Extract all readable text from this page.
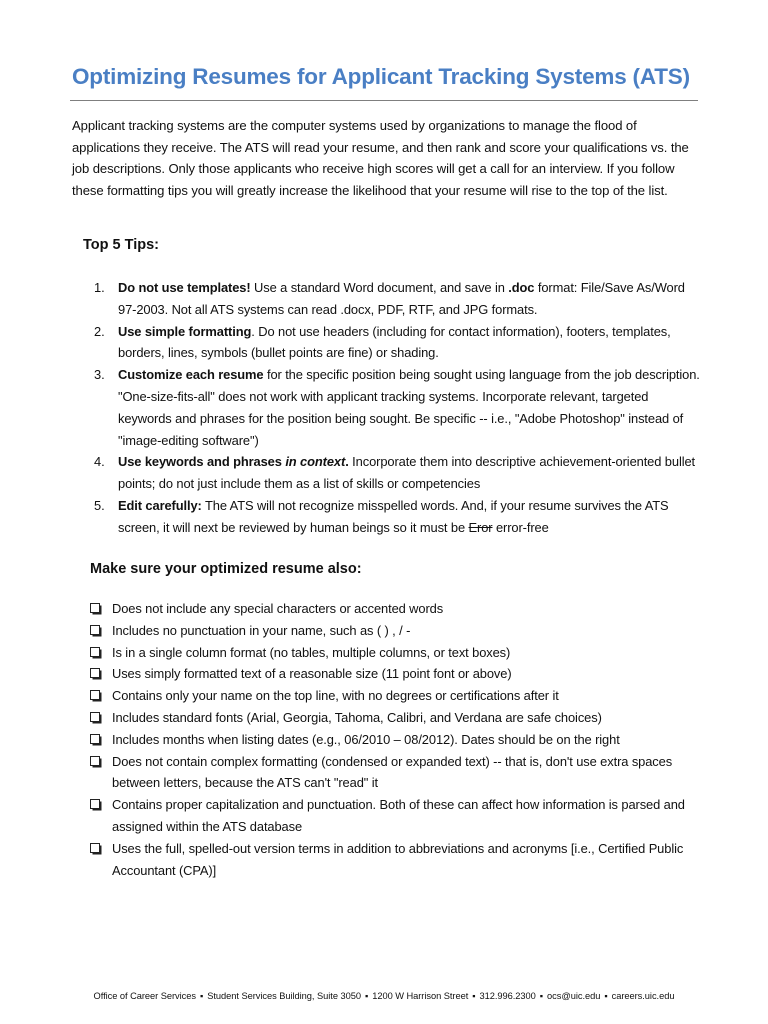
Optimizing Resumes for Applicant Tracking Systems (ATS)

Applicant tracking systems are the computer systems used by organizations to manage the flood of applications they receive. The ATS will read your resume, and then rank and score your qualifications vs. the job descriptions. Only those applicants who receive high scores will get a call for an interview. If you follow these formatting tips you will greatly increase the likelihood that your resume will rise to the top of the list.

Top 5 Tips:
1. Do not use templates! Use a standard Word document, and save in .doc format: File/Save As/Word 97-2003. Not all ATS systems can read .docx, PDF, RTF, and JPG formats.
2. Use simple formatting. Do not use headers (including for contact information), footers, templates, borders, lines, symbols (bullet points are fine) or shading.
3. Customize each resume for the specific position being sought using language from the job description. "One-size-fits-all" does not work with applicant tracking systems. Incorporate relevant, targeted keywords and phrases for the position being sought. Be specific -- i.e., "Adobe Photoshop" instead of "image-editing software")
4. Use keywords and phrases in context. Incorporate them into descriptive achievement-oriented bullet points; do not just include them as a list of skills or competencies
5. Edit carefully: The ATS will not recognize misspelled words. And, if your resume survives the ATS screen, it will next be reviewed by human beings so it must be Eror error-free
Make sure your optimized resume also:
Does not include any special characters or accented words
Includes no punctuation in your name, such as ( ) , / -
Is in a single column format (no tables, multiple columns, or text boxes)
Uses simply formatted text of a reasonable size (11 point font or above)
Contains only your name on the top line, with no degrees or certifications after it
Includes standard fonts (Arial, Georgia, Tahoma, Calibri, and Verdana are safe choices)
Includes months when listing dates (e.g., 06/2010 – 08/2012). Dates should be on the right
Does not contain complex formatting (condensed or expanded text) -- that is, don't use extra spaces between letters, because the ATS can't "read" it
Contains proper capitalization and punctuation. Both of these can affect how information is parsed and assigned within the ATS database
Uses the full, spelled-out version terms in addition to abbreviations and acronyms [i.e., Certified Public Accountant (CPA)]
Office of Career Services ▪ Student Services Building, Suite 3050 ▪ 1200 W Harrison Street ▪ 312.996.2300 ▪ ocs@uic.edu ▪ careers.uic.edu
